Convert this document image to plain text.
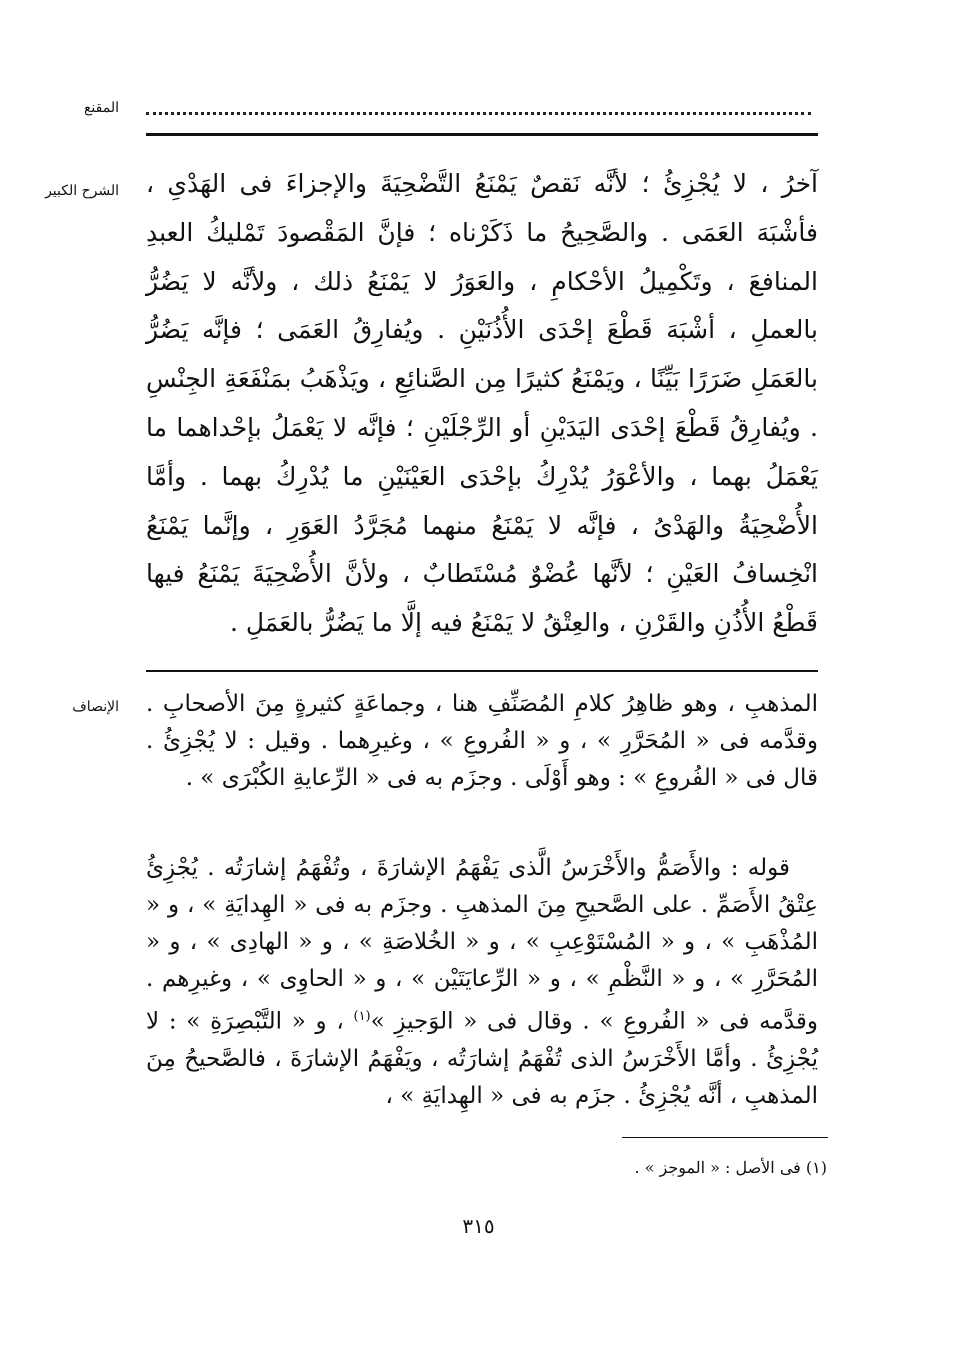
المقنع
الشرح الكبير آخرُ ، لا يُجْزِئُ ؛ لأنَّه نَقصٌ يَمْنَعُ التَّضْحِيَةَ والإجزاءَ فى الهَدْىِ ، فأشْبَهَ العَمَى . والصَّحِيحُ ما ذَكَرْناه ؛ فإنَّ المَقْصودَ تَمْليكُ العبدِ المنافعَ ، وتَكْمِيلُ الأحْكامِ ، والعَوَرُ لا يَمْنَعُ ذلك ، ولأنَّه لا يَضُرُّ بالعملِ ، أشْبَهَ قَطْعَ إحْدَى الأُذُنَيْنِ . ويُفارِقُ العَمَى ؛ فإنَّه يَضُرُّ بالعَمَلِ ضَرَرًا بَيِّنًا ، ويَمْنَعُ كثيرًا مِن الصَّنائِعِ ، ويَذْهَبُ بمَنْفَعَةِ الجِنْسِ . ويُفارِقُ قَطْعَ إحْدَى اليَدَيْنِ أو الرِّجْلَيْنِ ؛ فإنَّه لا يَعْمَلُ بإحْداهما ما يَعْمَلُ بهما ، والأعْوَرُ يُدْرِكُ بإحْدَى العَيْنَيْنِ ما يُدْرِكُ بهما . وأمَّا الأُضْحِيَةُ والهَدْىُ ، فإنَّه لا يَمْنَعُ منهما مُجَرَّدُ العَوَرِ ، وإنَّما يَمْنَعُ انْخِسافُ العَيْنِ ؛ لأنَّها عُضْوٌ مُسْتَطابٌ ، ولأنَّ الأُضْحِيَةَ يَمْنَعُ فيها قَطْعُ الأُذُنِ والقَرْنِ ، والعِتْقُ لا يَمْنَعُ فيه إلَّا ما يَضُرُّ بالعَمَلِ .

الإنصاف المذهبِ ، وهو ظاهِرُ كلامِ المُصَنِّفِ هنا ، وجماعَةٍ كثيرةٍ مِنَ الأصحابِ . وقدَّمه فى « المُحَرَّرِ » ، و « الفُروعِ » ، وغيرِهما . وقيل : لا يُجْزِئُ . قال فى « الفُروعِ » : وهو أَوْلَى . وجزَم به فى « الرِّعايةِ الكُبْرَى » .

قوله : والأَصَمُّ والأَخْرَسُ الَّذى يَفْهَمُ الإشارَةَ ، وتُفْهَمُ إشارَتُه . يُجْزِئُ عِتْقُ الأَصَمِّ . على الصَّحيحِ مِنَ المذهبِ . وجزَم به فى « الهِدايَةِ » ، و « المُذْهَبِ » ، و « المُسْتَوْعِبِ » ، و « الخُلاصَةِ » ، و « الهادِى » ، و « المُحَرَّرِ » ، و « النَّظْمِ » ، و « الرِّعايَتَيْن » ، و « الحاوِى » ، وغيرِهم . وقدَّمه فى « الفُروعِ » . وقال فى « الوَجيزِ »$^{(١)}$ ، و « التَّبْصِرَةِ » : لا يُجْزِئُ . وأمَّا الأَخْرَسُ الذى تُفْهَمُ إشارَتُه ، ويَفْهَمُ الإشارَةَ ، فالصَّحيحُ مِنَ المذهبِ ، أنَّه يُجْزِئُ . جزَم به فى « الهِدايَةِ » ،

(١) فى الأصل : « الموجز » .
٣١٥
